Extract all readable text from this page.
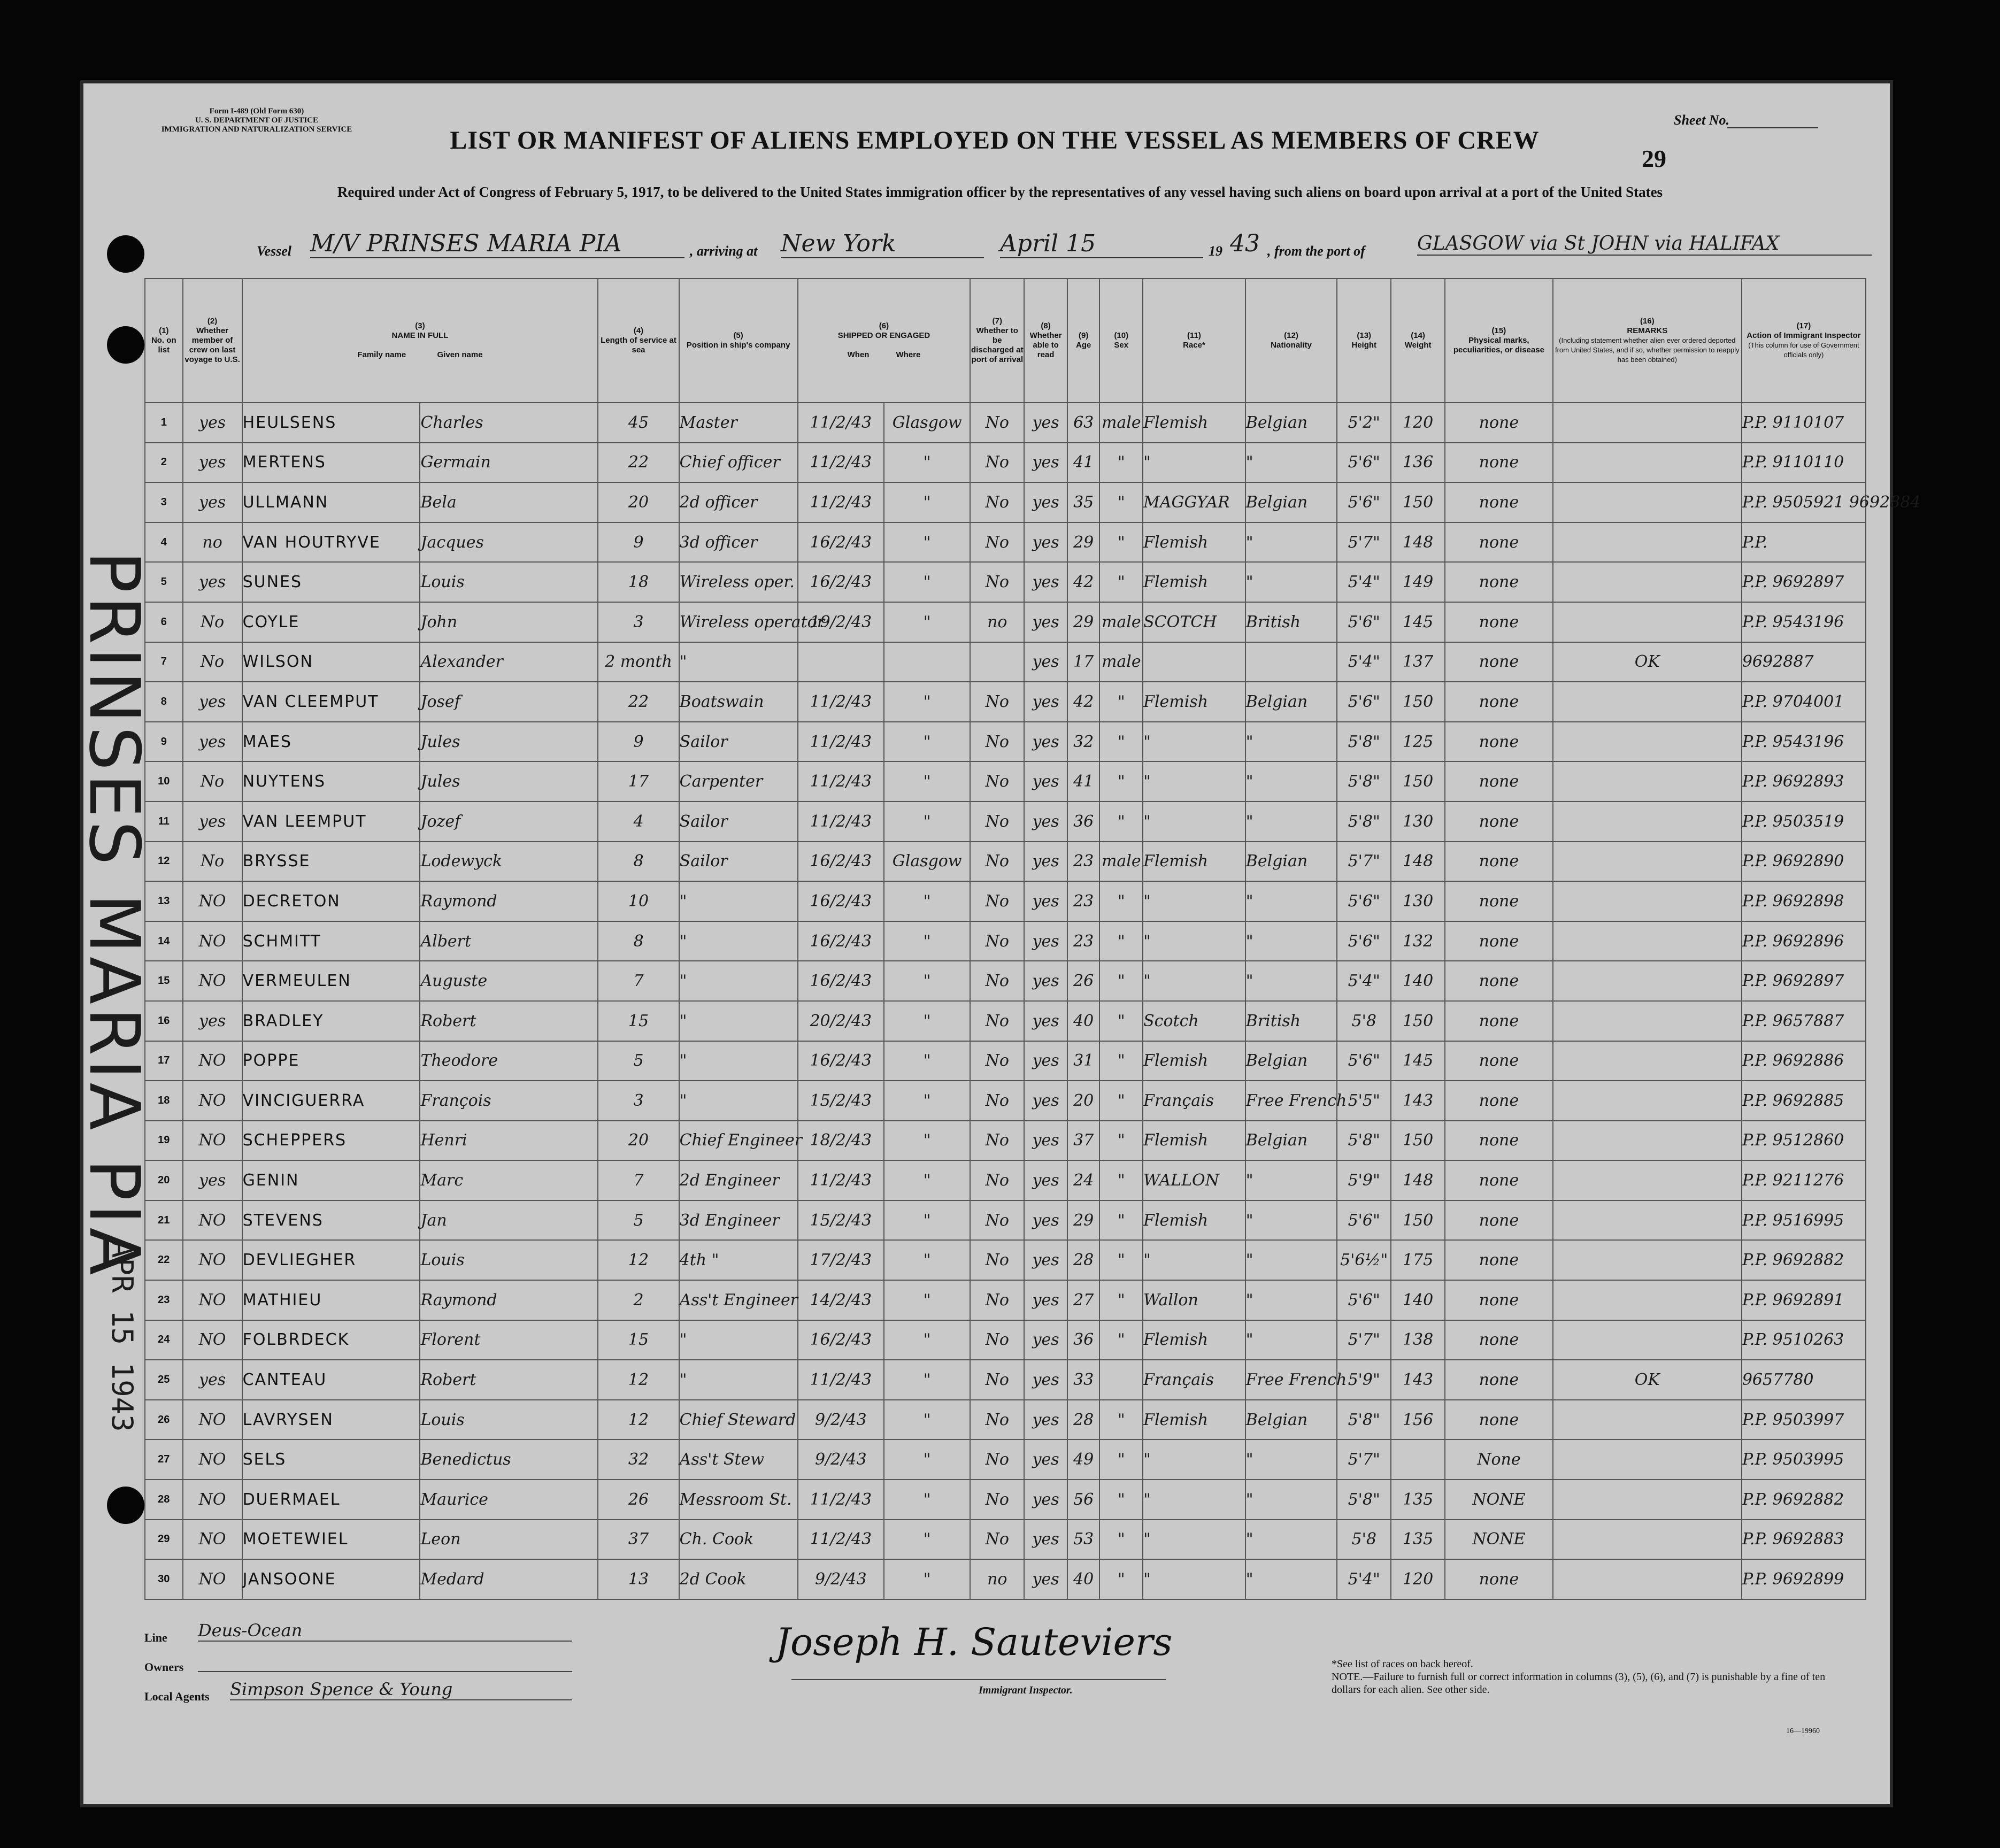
Form I-489 (Old Form 630)
U. S. DEPARTMENT OF JUSTICE
IMMIGRATION AND NATURALIZATION SERVICE	LIST OR MANIFEST OF ALIENS EMPLOYED ON THE VESSEL AS MEMBERS OF CREW
Required under Act of Congress of February 5, 1917, to be delivered to the United States immigration officer by the representatives of any vessel having such aliens on board upon arrival at a port of the United States
Sheet No.
29
Vessel M/V PRINSES MARIA PIA	, arriving at New York	April 15	19 43 , from the port of	GLASGOW via St JOHN via HALIFAX
(1)
No. on list	(2)
Whether member of crew on last voyage to U.S.	(3)
NAME IN FULL

Family name Given name		(4)
Length of service at sea	(5)
Position in ship's company	(6)
SHIPPED OR ENGAGED

When Where		(7)
Whether to be discharged at port of arrival	(8)
Whether able to read	(9)
Age	(10)
Sex	(11)
Race*	(12)
Nationality	(13)
Height	(14)
Weight	(15)
Physical marks, peculiarities, or disease	(16)
REMARKS
(Including statement whether alien ever ordered deported from United States, and if so, whether permission to reapply has been obtained)	(17)
Action of Immigrant Inspector
(This column for use of Government officials only)
1	yes	HEULSENS	Charles	45	Master	11/2/43	Glasgow	No	yes	63	male	Flemish	Belgian	5'2"	120	none		P.P. 9110107
2	yes	MERTENS	Germain	22	Chief officer	11/2/43	"	No	yes	41	"	"	"	5'6"	136	none		P.P. 9110110
3	yes	ULLMANN	Bela	20	2d officer	11/2/43	"	No	yes	35	"	MAGGYAR	Belgian	5'6"	150	none		P.P. 9505921 9692884
4	no	VAN HOUTRYVE	Jacques	9	3d officer	16/2/43	"	No	yes	29	"	Flemish	"	5'7"	148	none		P.P.
5	yes	SUNES	Louis	18	Wireless oper.	16/2/43	"	No	yes	42	"	Flemish	"	5'4"	149	none		P.P. 9692897
6	No	COYLE	John	3	Wireless operator	19/2/43	"	no	yes	29	male	SCOTCH	British	5'6"	145	none		P.P. 9543196
7	No	WILSON	Alexander	2 month	"				yes	17	male			5'4"	137	none	OK	9692887
8	yes	VAN CLEEMPUT	Josef	22	Boatswain	11/2/43	"	No	yes	42	"	Flemish	Belgian	5'6"	150	none		P.P. 9704001
9	yes	MAES	Jules	9	Sailor	11/2/43	"	No	yes	32	"	"	"	5'8"	125	none		P.P. 9543196
10	No	NUYTENS	Jules	17	Carpenter	11/2/43	"	No	yes	41	"	"	"	5'8"	150	none		P.P. 9692893
11	yes	VAN LEEMPUT	Jozef	4	Sailor	11/2/43	"	No	yes	36	"	"	"	5'8"	130	none		P.P. 9503519
12	No	BRYSSE	Lodewyck	8	Sailor	16/2/43	Glasgow	No	yes	23	male	Flemish	Belgian	5'7"	148	none		P.P. 9692890
13	NO	DECRETON	Raymond	10	"	16/2/43	"	No	yes	23	"	"	"	5'6"	130	none		P.P. 9692898
14	NO	SCHMITT	Albert	8	"	16/2/43	"	No	yes	23	"	"	"	5'6"	132	none		P.P. 9692896
15	NO	VERMEULEN	Auguste	7	"	16/2/43	"	No	yes	26	"	"	"	5'4"	140	none		P.P. 9692897
16	yes	BRADLEY	Robert	15	"	20/2/43	"	No	yes	40	"	Scotch	British	5'8	150	none		P.P. 9657887
17	NO	POPPE	Theodore	5	"	16/2/43	"	No	yes	31	"	Flemish	Belgian	5'6"	145	none		P.P. 9692886
18	NO	VINCIGUERRA	François	3	"	15/2/43	"	No	yes	20	"	Français	Free French	5'5"	143	none		P.P. 9692885
19	NO	SCHEPPERS	Henri	20	Chief Engineer	18/2/43	"	No	yes	37	"	Flemish	Belgian	5'8"	150	none		P.P. 9512860
20	yes	GENIN	Marc	7	2d Engineer	11/2/43	"	No	yes	24	"	WALLON	"	5'9"	148	none		P.P. 9211276
21	NO	STEVENS	Jan	5	3d Engineer	15/2/43	"	No	yes	29	"	Flemish	"	5'6"	150	none		P.P. 9516995
22	NO	DEVLIEGHER	Louis	12	4th "	17/2/43	"	No	yes	28	"	"	"	5'6½"	175	none		P.P. 9692882
23	NO	MATHIEU	Raymond	2	Ass't Engineer	14/2/43	"	No	yes	27	"	Wallon	"	5'6"	140	none		P.P. 9692891
24	NO	FOLBRDECK	Florent	15	"	16/2/43	"	No	yes	36	"	Flemish	"	5'7"	138	none		P.P. 9510263
25	yes	CANTEAU	Robert	12	"	11/2/43	"	No	yes	33		Français	Free French	5'9"	143	none	OK	9657780
26	NO	LAVRYSEN	Louis	12	Chief Steward	9/2/43	"	No	yes	28	"	Flemish	Belgian	5'8"	156	none		P.P. 9503997
27	NO	SELS	Benedictus	32	Ass't Stew	9/2/43	"	No	yes	49	"	"	"	5'7"		None		P.P. 9503995
28	NO	DUERMAEL	Maurice	26	Messroom St.	11/2/43	"	No	yes	56	"	"	"	5'8"	135	NONE		P.P. 9692882
29	NO	MOETEWIEL	Leon	37	Ch. Cook	11/2/43	"	No	yes	53	"	"	"	5'8	135	NONE		P.P. 9692883
30	NO	JANSOONE	Medard	13	2d Cook	9/2/43	"	no	yes	40	"	"	"	5'4"	120	none		P.P. 9692899
Line Deus-Ocean
Owners
Local Agents Simpson Spence & Young
Joseph H. Sauteviers
Immigrant Inspector.
*See list of races on back hereof.
NOTE.—Failure to furnish full or correct information in columns (3), (5), (6), and (7) is punishable by a fine of ten dollars for each alien. See other side.
16—19960
PRINSES MARIA PIA
APR 15 1943
